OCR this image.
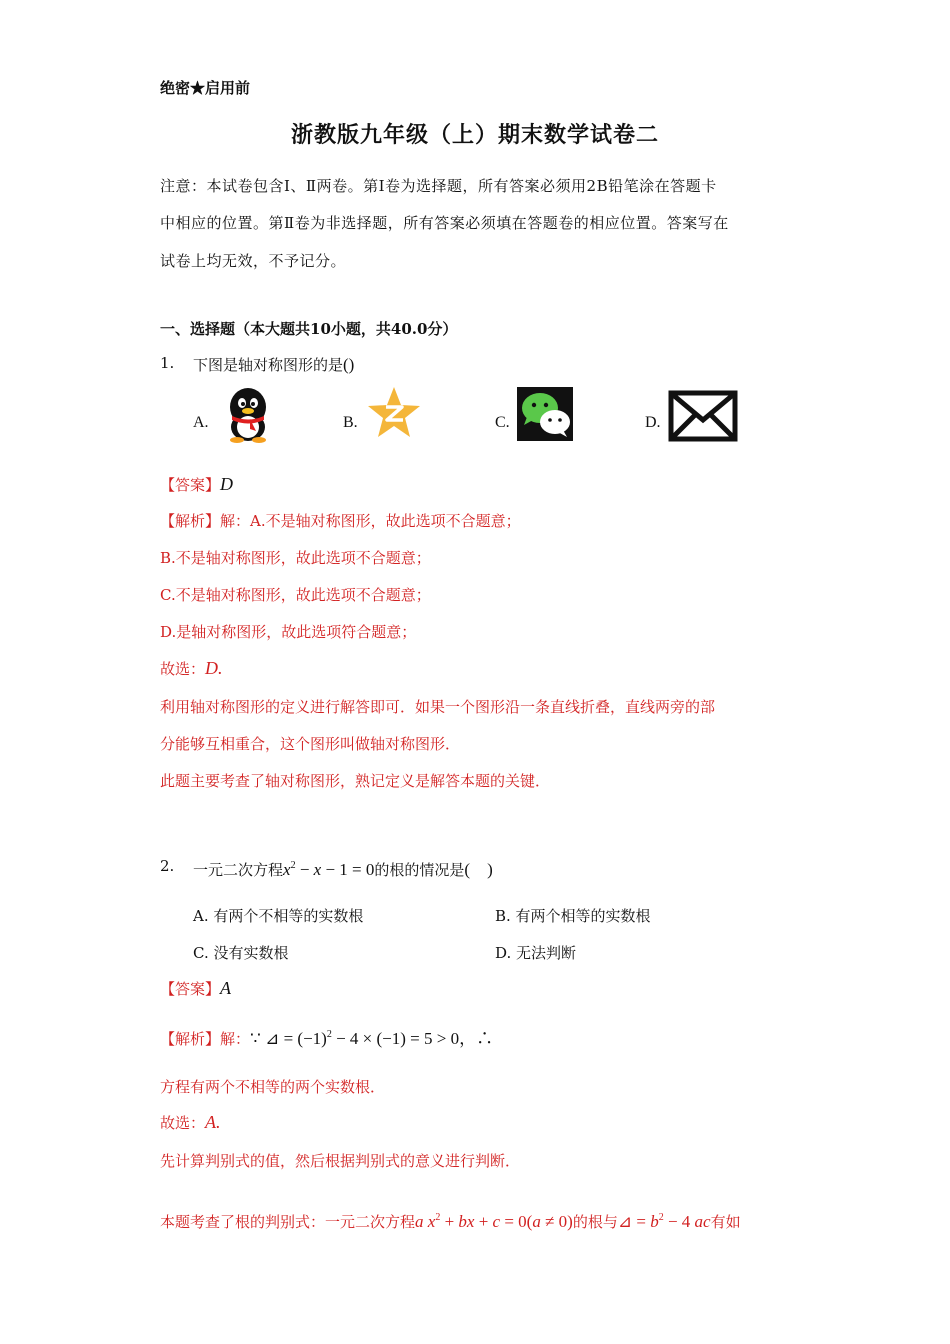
绝密★启用前
浙教版九年级（上）期末数学试卷二
注意：本试卷包含Ⅰ、Ⅱ两卷。第Ⅰ卷为选择题，所有答案必须用2B铅笔涂在答题卡
中相应的位置。第Ⅱ卷为非选择题，所有答案必须填在答题卷的相应位置。答案写在
试卷上均无效，不予记分。
一、选择题（本大题共10小题，共40.0分）
1. 下图是轴对称图形的是()
A.	B.	C.	D.
【答案】D
【解析】解：A.不是轴对称图形，故此选项不合题意；
B.不是轴对称图形，故此选项不合题意；
C.不是轴对称图形，故此选项不合题意；
D.是轴对称图形，故此选项符合题意；
故选：D.
利用轴对称图形的定义进行解答即可．如果一个图形沿一条直线折叠，直线两旁的部
分能够互相重合，这个图形叫做轴对称图形．
此题主要考查了轴对称图形，熟记定义是解答本题的关键．
2. 一元二次方程$x^2 - x - 1 = 0$的根的情况是(　)
A. 有两个不相等的实数根	B. 有两个相等的实数根
C. 没有实数根	D. 无法判断
【答案】A
【解析】解：∵ ⊿ = $(-1)^2 - 4 \times (-1) = 5 > 0$，∴
方程有两个不相等的两个实数根．
故选：A.
先计算判别式的值，然后根据判别式的意义进行判断．
本题考查了根的判别式：一元二次方程a $x^2$ + bx + c = 0(a ≠ 0)的根与⊿ = $b^2 - 4$ ac有如
